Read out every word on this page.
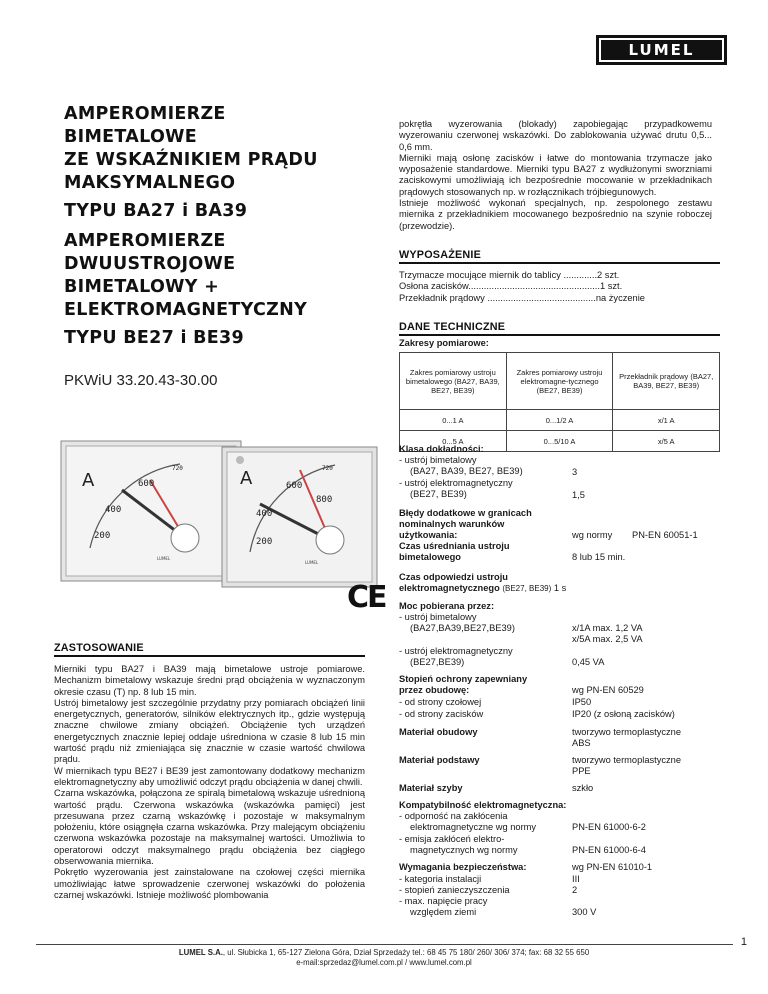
LUMEL
AMPEROMIERZE
BIMETALOWE
ZE WSKAŹNIKIEM PRĄDU
MAKSYMALNEGO
TYPU BA27 i BA39
AMPEROMIERZE
DWUUSTROJOWE
BIMETALOWY +
ELEKTROMAGNETYCZNY
TYPU BE27 i BE39
PKWiU 33.20.43-30.00
A
200
400
600
720
LUMEL
A
200
400
600
800
720
LUMEL
CE
ZASTOSOWANIE

Mierniki typu BA27 i BA39 mają bimetalowe ustroje pomiarowe. Mechanizm bimetalowy wskazuje średni prąd obciążenia w wyznaczonym okresie czasu (T) np. 8 lub 15 min.

Ustrój bimetalowy jest szczególnie przydatny przy pomiarach obciążeń linii energetycznych, generatorów, silników elektrycznych itp., gdzie występują znaczne chwilowe zmiany obciążeń. Obciążenie tych urządzeń energetycznych znacznie lepiej oddaje uśredniona w czasie 8 lub 15 min wartość prądu niż zmieniająca się znacznie w czasie wartość chwilowa prądu.

W miernikach typu BE27 i BE39 jest zamontowany dodatkowy mechanizm elektromagnetyczny aby umożliwić odczyt prądu obciążenia w danej chwili.

Czarna wskazówka, połączona ze spiralą bimetalową wskazuje uśrednioną wartość prądu. Czerwona wskazówka (wskazówka pamięci) jest przesuwana przez czarną wskazówkę i pozostaje w maksymalnym położeniu, które osiągnęła czarna wskazówka. Przy malejącym obciążeniu czerwona wskazówka pozostaje na maksymalnej wartości. Umożliwia to operatorowi odczyt maksymalnego prądu obciążenia bez ciągłego obserwowania miernika.

Pokrętło wyzerowania jest zainstalowane na czołowej części miernika umożliwiając łatwe sprowadzenie czerwonej wskazówki do położenia czarnej wskazówki. Istnieje możliwość plombowania

pokrętła wyzerowania (blokady) zapobiegając przypadkowemu wyzerowaniu czerwonej wskazówki. Do zablokowania używać drutu 0,5... 0,6 mm.

Mierniki mają osłonę zacisków i łatwe do montowania trzymacze jako wyposażenie standardowe. Mierniki typu BA27 z wydłużonymi sworzniami zaciskowymi umożliwiają ich bezpośrednie mocowanie w przekładnikach prądowych stosowanych np. w rozłącznikach trójbiegunowych.

Istnieje możliwość wykonań specjalnych, np. zespolonego zestawu miernika z przekładnikiem mocowanego bezpośrednio na szynie roboczej (przewodzie).

WYPOSAŻENIE
Trzymacze mocujące miernik do tablicy .............2 szt.
Osłona zacisków...................................................1 szt.
Przekładnik prądowy ..........................................na życzenie
DANE TECHNICZNE
Zakresy pomiarowe:
Zakres pomiarowy ustroju bimetalowego (BA27, BA39, BE27, BE39)	Zakres pomiarowy ustroju elektromagne-tycznego (BE27, BE39)	Przekładnik prądowy (BA27, BA39, BE27, BE39)
0...1 A	0...1/2 A	x/1 A
0...5 A	0...5/10 A	x/5 A
Klasa dokładności:
- ustrój bimetalowy
(BA27, BA39, BE27, BE39)	3
- ustrój elektromagnetyczny
(BE27, BE39)	1,5
Błędy dodatkowe w granicach
nominalnych warunków
użytkowania:	wg normy PN-EN 60051-1
Czas uśredniania ustroju
bimetalowego	8 lub 15 min.
Czas odpowiedzi ustroju
elektromagnetycznego (BE27, BE39) 1 s
Moc pobierana przez:
- ustrój bimetalowy
(BA27,BA39,BE27,BE39)	x/1A max. 1,2 VA
x/5A max. 2,5 VA
- ustrój elektromagnetyczny
(BE27,BE39)	0,45 VA
Stopień ochrony zapewniany
przez obudowę:	wg PN-EN 60529
- od strony czołowej	IP50
- od strony zacisków	IP20 (z osłoną zacisków)
Materiał obudowy	tworzywo termoplastyczne
ABS
Materiał podstawy	tworzywo termoplastyczne
PPE
Materiał szyby	szkło
Kompatybilność elektromagnetyczna:
- odporność na zakłócenia
elektromagnetyczne wg normy	PN-EN 61000-6-2
- emisja zakłóceń elektro-
magnetycznych wg normy	PN-EN 61000-6-4
Wymagania bezpieczeństwa:	wg PN-EN 61010-1
- kategoria instalacji	III
- stopień zanieczyszczenia	2
- max. napięcie pracy
względem ziemi	300 V
1
LUMEL S.A., ul. Słubicka 1, 65-127 Zielona Góra, Dział Sprzedaży tel.: 68 45 75 180/ 260/ 306/ 374; fax: 68 32 55 650
e-mail:sprzedaz@lumel.com.pl / www.lumel.com.pl
